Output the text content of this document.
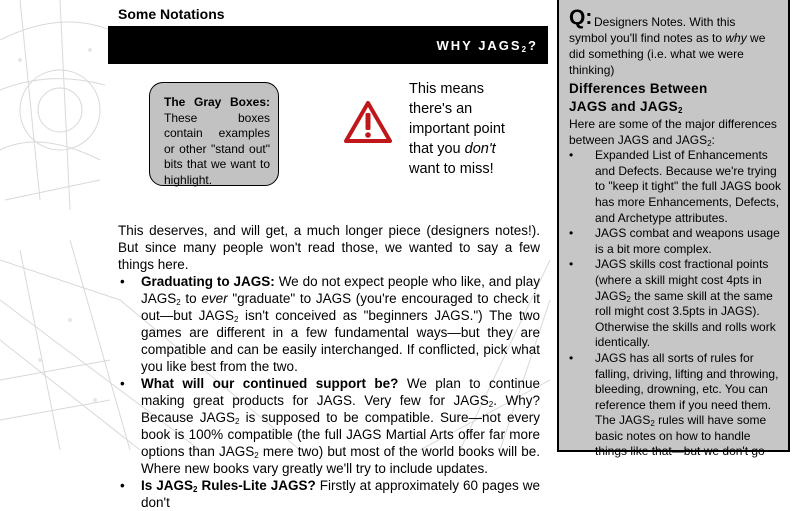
Some Notations
WHY $JAGS_2$?
The Gray Boxes: These boxes contain examples or other "stand out" bits that we want to highlight.
This means
there's an
important point
that you don't
want to miss!

This deserves, and will get, a much longer piece (designers notes!). But since many people won't read those, we wanted to say a few things here.

• Graduating to JAGS: We do not expect people who like, and play $JAGS_2$ to ever "graduate" to JAGS (you're encouraged to check it out—but $JAGS_2$ isn't conceived as "beginners JAGS.") The two games are different in a few fundamental ways—but they are compatible and can be easily interchanged. If conflicted, pick what you like best from the two.
• What will our continued support be? We plan to continue making great products for JAGS. Very few for $JAGS_2$. Why? Because $JAGS_2$ is supposed to be compatible. Sure—not every book is 100% compatible (the full JAGS Martial Arts offer far more options than $JAGS_2$ mere two) but most of the world books will be. Where new books vary greatly we'll try to include updates.
• Is $JAGS_2$ Rules-Lite JAGS? Firstly at approximately 60 pages we don't
Q: Designers Notes. With this symbol you'll find notes as to why we did something (i.e. what we were thinking)
Differences Between
JAGS and $JAGS_2$

Here are some of the major differences between JAGS and $JAGS_2$:

• Expanded List of Enhancements and Defects. Because we're trying to "keep it tight" the full JAGS book has more Enhancements, Defects, and Archetype attributes.
• JAGS combat and weapons usage is a bit more complex.
• JAGS skills cost fractional points (where a skill might cost 4pts in $JAGS_2$ the same skill at the same roll might cost 3.5pts in JAGS). Otherwise the skills and rolls work identically.
• JAGS has all sorts of rules for falling, driving, lifting and throwing, bleeding, drowning, etc. You can reference them if you need them. The $JAGS_2$ rules will have some basic notes on how to handle things like that—but we don't go
